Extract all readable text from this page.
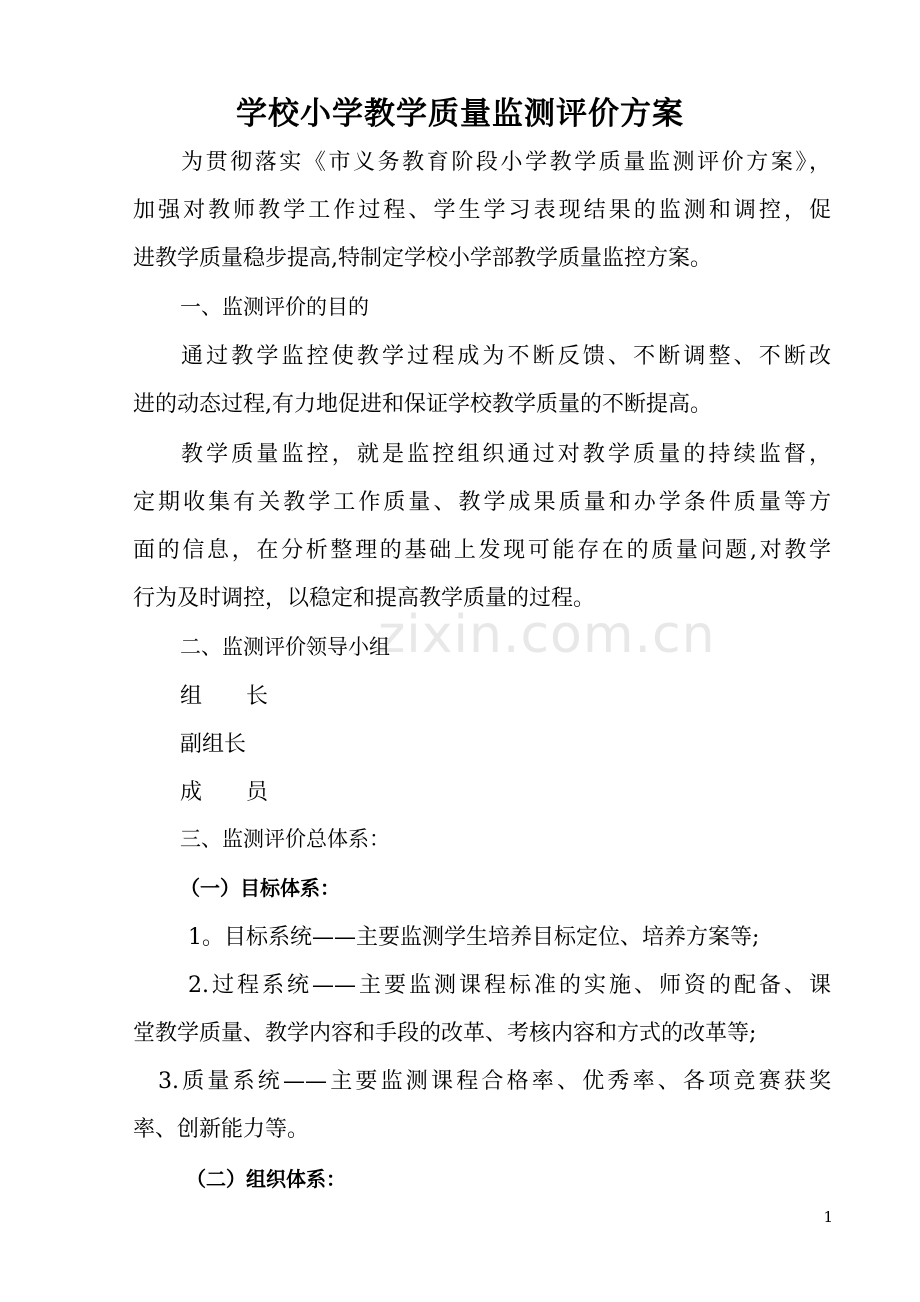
学校小学教学质量监测评价方案
为贯彻落实《市义务教育阶段小学教学质量监测评价方案》，
加强对教师教学工作过程、学生学习表现结果的监测和调控，促
进教学质量稳步提高,特制定学校小学部教学质量监控方案。
一、监测评价的目的
通过教学监控使教学过程成为不断反馈、不断调整、不断改
进的动态过程,有力地促进和保证学校教学质量的不断提高。
教学质量监控，就是监控组织通过对教学质量的持续监督，
定期收集有关教学工作质量、教学成果质量和办学条件质量等方
面的信息，在分析整理的基础上发现可能存在的质量问题,对教学
行为及时调控，以稳定和提高教学质量的过程。
zixin.com.cn
二、监测评价领导小组
组　　长
副组长
成　　员
三、监测评价总体系：
（一）目标体系：
1。目标系统——主要监测学生培养目标定位、培养方案等;
2.过程系统——主要监测课程标准的实施、师资的配备、课
堂教学质量、教学内容和手段的改革、考核内容和方式的改革等;
3.质量系统——主要监测课程合格率、优秀率、各项竞赛获奖
率、创新能力等。
（二）组织体系：
1
